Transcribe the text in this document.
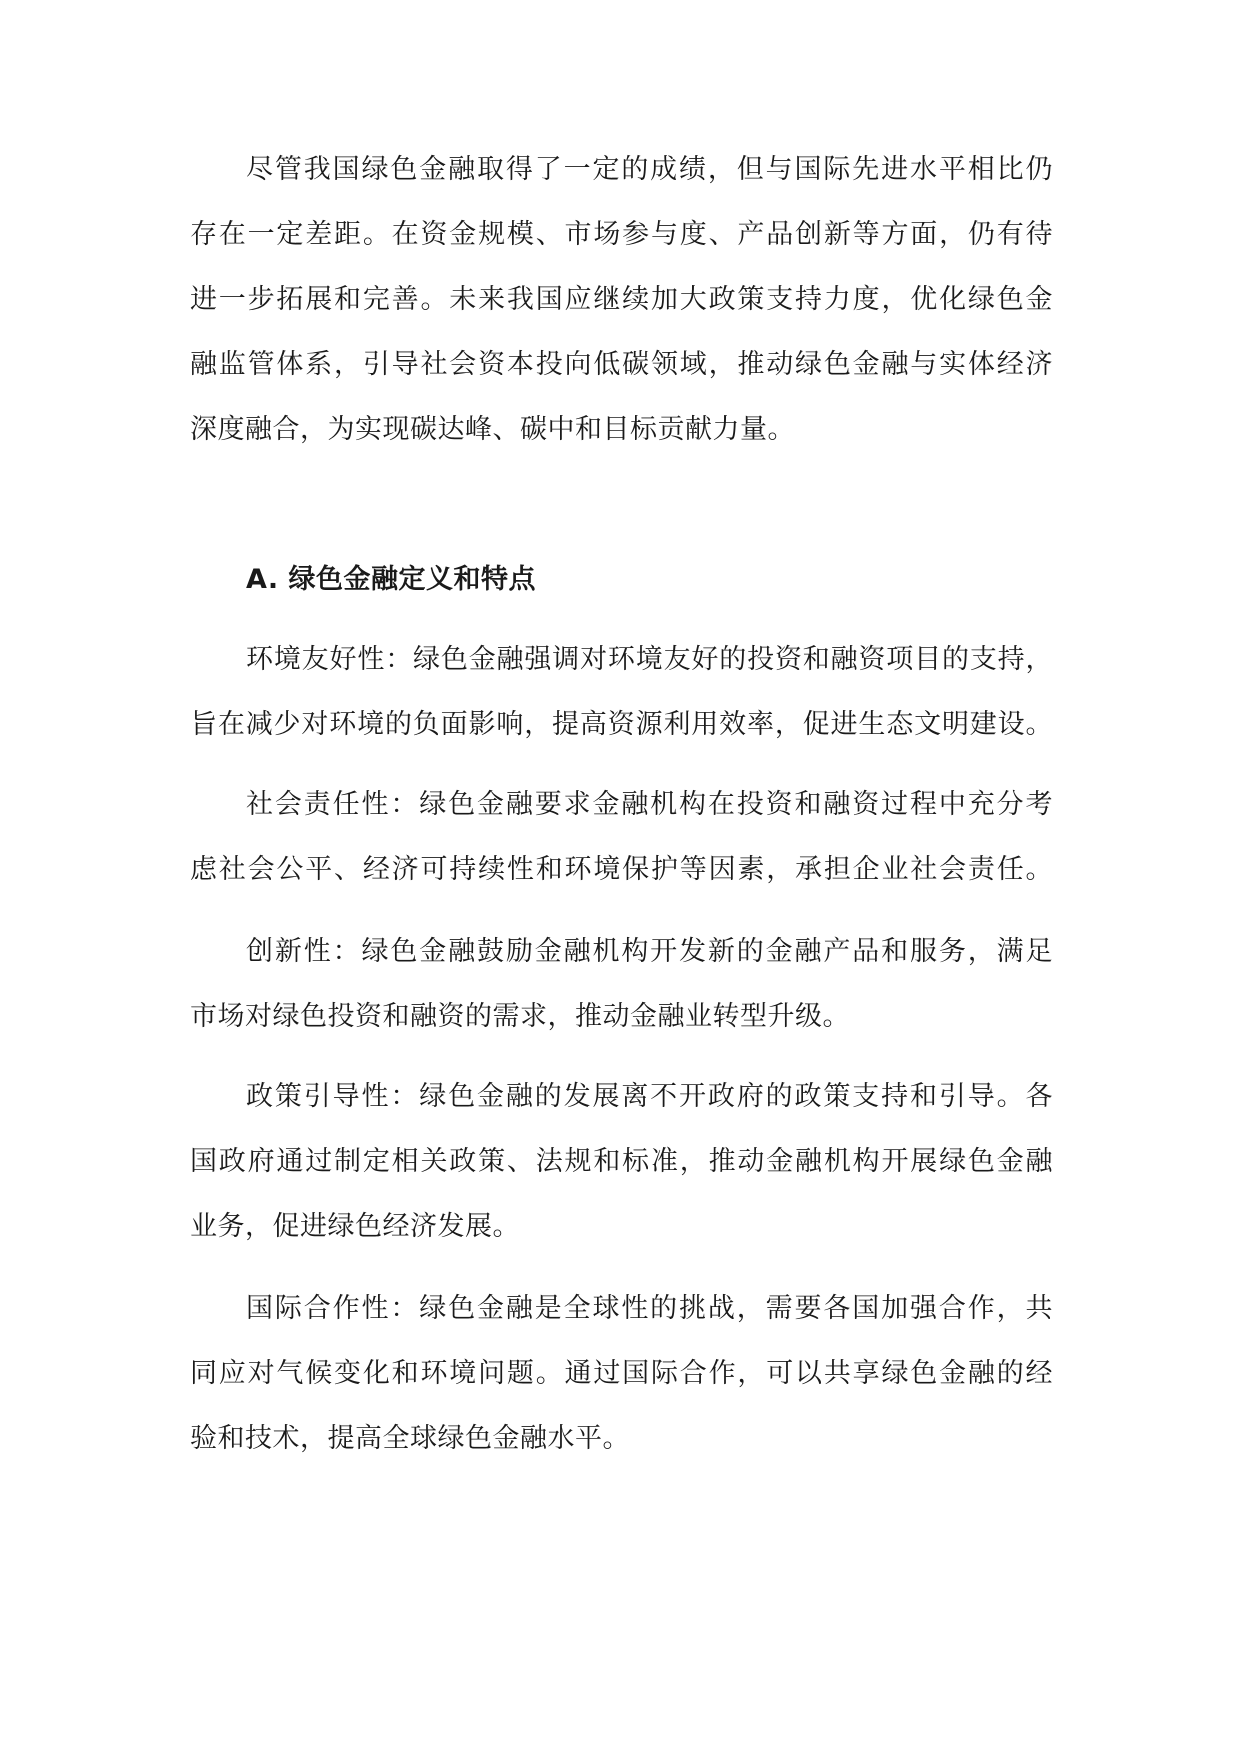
尽管我国绿色金融取得了一定的成绩，但与国际先进水平相比仍
存在一定差距。在资金规模、市场参与度、产品创新等方面，仍有待
进一步拓展和完善。未来我国应继续加大政策支持力度，优化绿色金
融监管体系，引导社会资本投向低碳领域，推动绿色金融与实体经济
深度融合，为实现碳达峰、碳中和目标贡献力量。
A. 绿色金融定义和特点
环境友好性：绿色金融强调对环境友好的投资和融资项目的支持，
旨在减少对环境的负面影响，提高资源利用效率，促进生态文明建设。
社会责任性：绿色金融要求金融机构在投资和融资过程中充分考
虑社会公平、经济可持续性和环境保护等因素，承担企业社会责任。
创新性：绿色金融鼓励金融机构开发新的金融产品和服务，满足
市场对绿色投资和融资的需求，推动金融业转型升级。
政策引导性：绿色金融的发展离不开政府的政策支持和引导。各
国政府通过制定相关政策、法规和标准，推动金融机构开展绿色金融
业务，促进绿色经济发展。
国际合作性：绿色金融是全球性的挑战，需要各国加强合作，共
同应对气候变化和环境问题。通过国际合作，可以共享绿色金融的经
验和技术，提高全球绿色金融水平。
